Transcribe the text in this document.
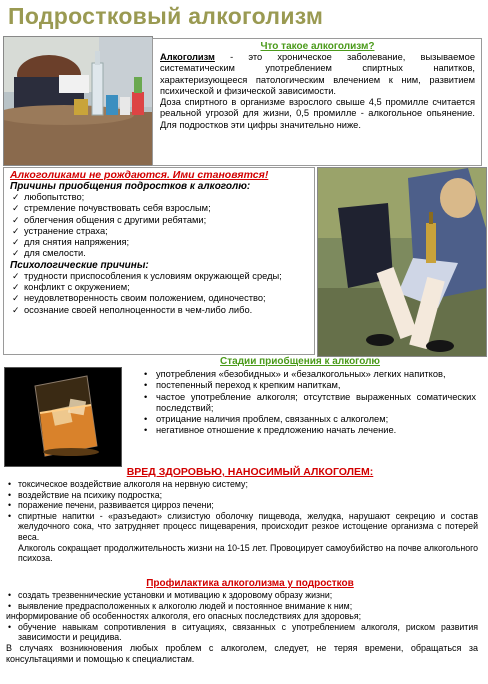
Подростковый алкоголизм
Что такое алкоголизм?

Алкоголизм - это хроническое заболевание, вызываемое систематическим употреблением спиртных напитков, характеризующееся патологическим влечением к ним, развитием психической и физической зависимости.

Доза спиртного в организме взрослого свыше 4,5 промилле считается реальной угрозой для жизни, 0,5 промилле - алкогольное опьянение. Для подростков эти цифры значительно ниже.

Алкоголиками не рождаются. Ими становятся!
Причины приобщения подростков к алкоголю:
✓ любопытство;
✓ стремление почувствовать себя взрослым;
✓ облегчения общения с другими ребятами;
✓ устранение страха;
✓ для снятия напряжения;
✓ для смелости.
Психологические причины:
✓ трудности приспособления к условиям окружающей среды;
✓ конфликт с окружением;
✓ неудовлетворенность своим положением, одиночество;
✓ осознание своей неполноценности в чем-либо либо.
Стадии приобщения к алкоголю
• употребления «безобидных» и «безалкогольных» легких напитков,
• постепенный переход к крепким напиткам,
• частое употребление алкоголя; отсутствие выраженных соматических последствий;
• отрицание наличия проблем, связанных с алкоголем;
• негативное отношение к предложению начать лечение.
ВРЕД ЗДОРОВЬЮ, НАНОСИМЫЙ АЛКОГОЛЕМ:
• токсическое воздействие алкоголя на нервную систему;
• воздействие на психику подростка;
• поражение печени, развивается цирроз печени;
• спиртные напитки - «разъедают» слизистую оболочку пищевода, желудка, нарушают секрецию и состав желудочного сока, что затрудняет процесс пищеварения, происходит резкое истощение организма с потерей веса.

Алкоголь сокращает продолжительность жизни на 10-15 лет. Провоцирует самоубийство на почве алкогольного психоза.

Профилактика алкоголизма у подростков
• создать трезвенническиe установки и мотивацию к здоровому образу жизни;
• выявление предрасположенных к алкоголю людей и постоянное внимание к ним;

информирование об особенностях алкоголя, его опасных последствиях для здоровья;

• обучение навыкам сопротивления в ситуациях, связанных с употреблением алкоголя, риском развития зависимости и рецидива.

В случаях возникновения любых проблем с алкоголем, следует, не теряя времени, обращаться за консультациями и помощью к специалистам.
